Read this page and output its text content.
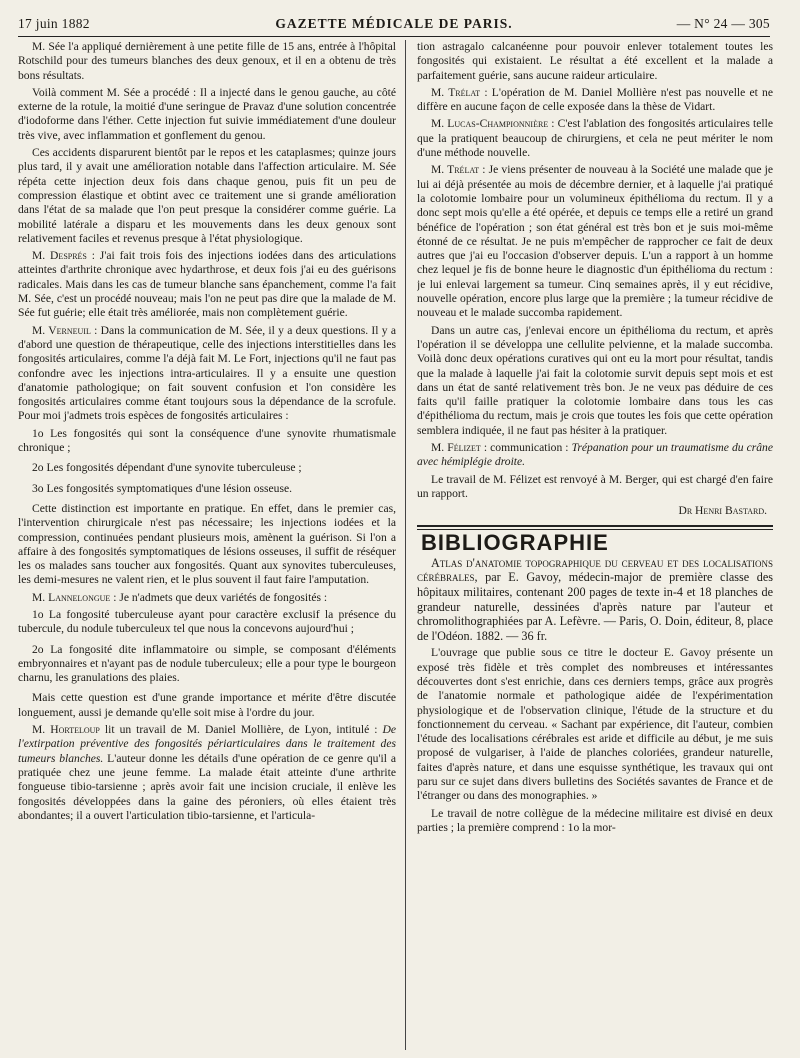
17 juin 1882	GAZETTE MÉDICALE DE PARIS.	— N° 24 — 305

M. Sée l'a appliqué dernièrement à une petite fille de 15 ans, entrée à l'hôpital Rotschild pour des tumeurs blanches des deux genoux, et il en a obtenu de très bons résultats.

Voilà comment M. Sée a procédé : Il a injecté dans le genou gauche, au côté externe de la rotule, la moitié d'une seringue de Pravaz d'une solution concentrée d'iodoforme dans l'éther. Cette injection fut suivie immédiatement d'une douleur très vive, avec inflammation et gonflement du genou.

Ces accidents disparurent bientôt par le repos et les cataplasmes; quinze jours plus tard, il y avait une amélioration notable dans l'affection articulaire. M. Sée répéta cette injection deux fois dans chaque genou, puis fit un peu de compression élastique et obtint avec ce traitement une si grande amélioration dans l'état de sa malade que l'on peut presque la considérer comme guérie. La mobilité latérale a disparu et les mouvements dans les deux genoux sont relativement faciles et revenus presque à l'état physiologique.

M. Després : J'ai fait trois fois des injections iodées dans des articulations atteintes d'arthrite chronique avec hydarthrose, et deux fois j'ai eu des guérisons radicales. Mais dans les cas de tumeur blanche sans épanchement, comme l'a fait M. Sée, c'est un procédé nouveau; mais l'on ne peut pas dire que la malade de M. Sée fut guérie; elle était très améliorée, mais non complètement guérie.

M. Verneuil : Dans la communication de M. Sée, il y a deux questions. Il y a d'abord une question de thérapeutique, celle des injections interstitielles dans les fongosités articulaires, comme l'a déjà fait M. Le Fort, injections qu'il ne faut pas confondre avec les injections intra-articulaires. Il y a ensuite une question d'anatomie pathologique; on fait souvent confusion et l'on considère les fongosités articulaires comme étant toujours sous la dépendance de la scrofule. Pour moi j'admets trois espèces de fongosités articulaires :

1o Les fongosités qui sont la conséquence d'une synovite rhumatismale chronique ;
2o Les fongosités dépendant d'une synovite tuberculeuse ;
3o Les fongosités symptomatiques d'une lésion osseuse.

Cette distinction est importante en pratique. En effet, dans le premier cas, l'intervention chirurgicale n'est pas nécessaire; les injections iodées et la compression, continuées pendant plusieurs mois, amènent la guérison. Si l'on a affaire à des fongosités symptomatiques de lésions osseuses, il suffit de réséquer les os malades sans toucher aux fongosités. Quant aux synovites tuberculeuses, les demi-mesures ne valent rien, et le plus souvent il faut faire l'amputation.

M. Lannelongue : Je n'admets que deux variétés de fongosités :

1o La fongosité tuberculeuse ayant pour caractère exclusif la présence du tubercule, du nodule tuberculeux tel que nous la concevons aujourd'hui ;
2o La fongosité dite inflammatoire ou simple, se composant d'éléments embryonnaires et n'ayant pas de nodule tuberculeux; elle a pour type le bourgeon charnu, les granulations des plaies.

Mais cette question est d'une grande importance et mérite d'être discutée longuement, aussi je demande qu'elle soit mise à l'ordre du jour.

M. Horteloup lit un travail de M. Daniel Mollière, de Lyon, intitulé : De l'extirpation préventive des fongosités périarticulaires dans le traitement des tumeurs blanches. L'auteur donne les détails d'une opération de ce genre qu'il a pratiquée chez une jeune femme. La malade était atteinte d'une arthrite fongueuse tibio-tarsienne ; après avoir fait une incision cruciale, il enlève les fongosités développées dans la gaine des péroniers, où elles étaient très abondantes; il a ouvert l'articulation tibio-tarsienne, et l'articula-

tion astragalo calcanéenne pour pouvoir enlever totalement toutes les fongosités qui existaient. Le résultat a été excellent et la malade a parfaitement guérie, sans aucune raideur articulaire.

M. Trélat : L'opération de M. Daniel Mollière n'est pas nouvelle et ne diffère en aucune façon de celle exposée dans la thèse de Vidart.

M. Lucas-Championnière : C'est l'ablation des fongosités articulaires telle que la pratiquent beaucoup de chirurgiens, et cela ne peut mériter le nom d'une méthode nouvelle.

M. Trélat : Je viens présenter de nouveau à la Société une malade que je lui ai déjà présentée au mois de décembre dernier, et à laquelle j'ai pratiqué la colotomie lombaire pour un volumineux épithélioma du rectum. Il y a donc sept mois qu'elle a été opérée, et depuis ce temps elle a retiré un grand bénéfice de l'opération ; son état général est très bon et je suis moi-même étonné de ce résultat. Je ne puis m'empêcher de rapprocher ce fait de deux autres que j'ai eu l'occasion d'observer depuis. L'un a rapport à un homme chez lequel je fis de bonne heure le diagnostic d'un épithélioma du rectum : je lui enlevai largement sa tumeur. Cinq semaines après, il y eut récidive, nouvelle opération, encore plus large que la première ; la tumeur récidive de nouveau et le malade succomba rapidement.

Dans un autre cas, j'enlevai encore un épithélioma du rectum, et après l'opération il se développa une cellulite pelvienne, et la malade succomba. Voilà donc deux opérations curatives qui ont eu la mort pour résultat, tandis que la malade à laquelle j'ai fait la colotomie survit depuis sept mois et est dans un état de santé relativement très bon. Je ne veux pas déduire de ces faits qu'il faille pratiquer la colotomie lombaire dans tous les cas d'épithélioma du rectum, mais je crois que toutes les fois que cette opération semblera indiquée, il ne faut pas hésiter à la pratiquer.

M. Félizet : communication : Trépanation pour un traumatisme du crâne avec hémiplégie droite.

Le travail de M. Félizet est renvoyé à M. Berger, qui est chargé d'en faire un rapport.

Dr Henri Bastard.
BIBLIOGRAPHIE

Atlas d'anatomie topographique du cerveau et des localisations cérébrales, par E. Gavoy, médecin-major de première classe des hôpitaux militaires, contenant 200 pages de texte in-4 et 18 planches de grandeur naturelle, dessinées d'après nature par l'auteur et chromolithographiées par A. Lefèvre. — Paris, O. Doin, éditeur, 8, place de l'Odéon. 1882. — 36 fr.

L'ouvrage que publie sous ce titre le docteur E. Gavoy présente un exposé très fidèle et très complet des nombreuses et intéressantes découvertes dont s'est enrichie, dans ces derniers temps, grâce aux progrès de l'anatomie normale et pathologique aidée de l'expérimentation physiologique et de l'observation clinique, l'étude de la structure et du fonctionnement du cerveau. « Sachant par expérience, dit l'auteur, combien l'étude des localisations cérébrales est aride et difficile au début, je me suis proposé de vulgariser, à l'aide de planches coloriées, grandeur naturelle, faites d'après nature, et dans une esquisse synthétique, les travaux qui ont paru sur ce sujet dans divers bulletins des Sociétés savantes de France et de l'étranger ou dans des monographies. »

Le travail de notre collègue de la médecine militaire est divisé en deux parties ; la première comprend : 1o la mor-
